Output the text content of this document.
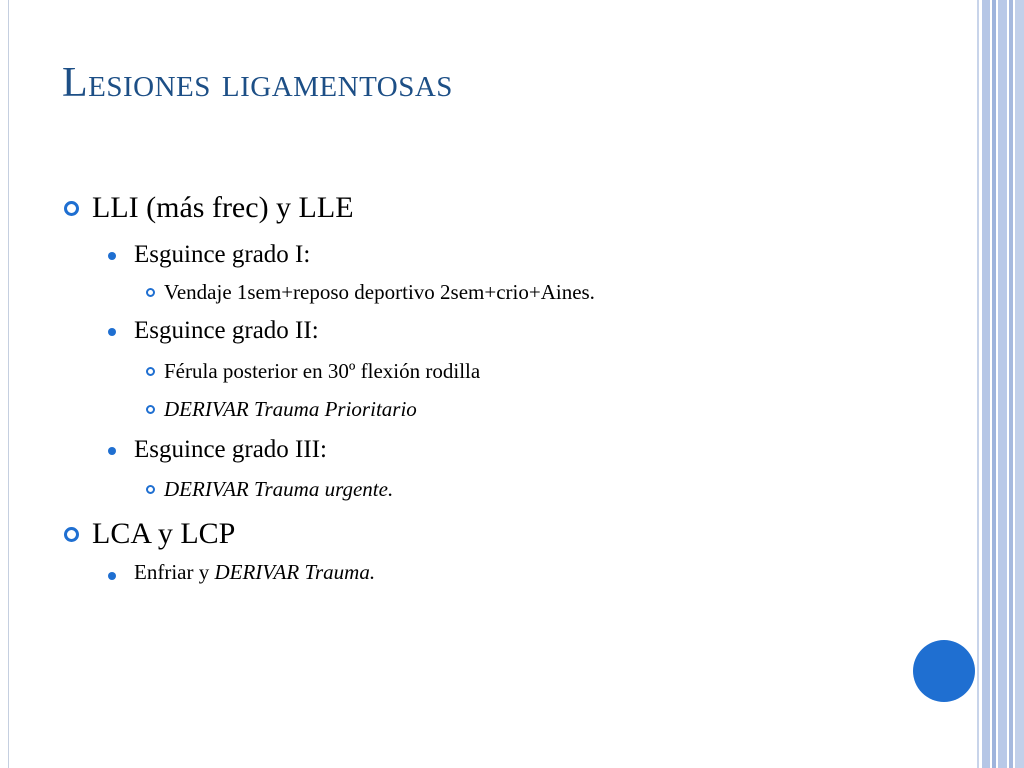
Lesiones ligamentosas
LLI (más frec) y LLE
Esguince grado I:
Vendaje 1sem+reposo deportivo 2sem+crio+Aines.
Esguince grado II:
Férula posterior en 30º flexión rodilla
DERIVAR Trauma Prioritario
Esguince grado III:
DERIVAR Trauma urgente.
LCA y LCP
Enfriar y DERIVAR Trauma.
